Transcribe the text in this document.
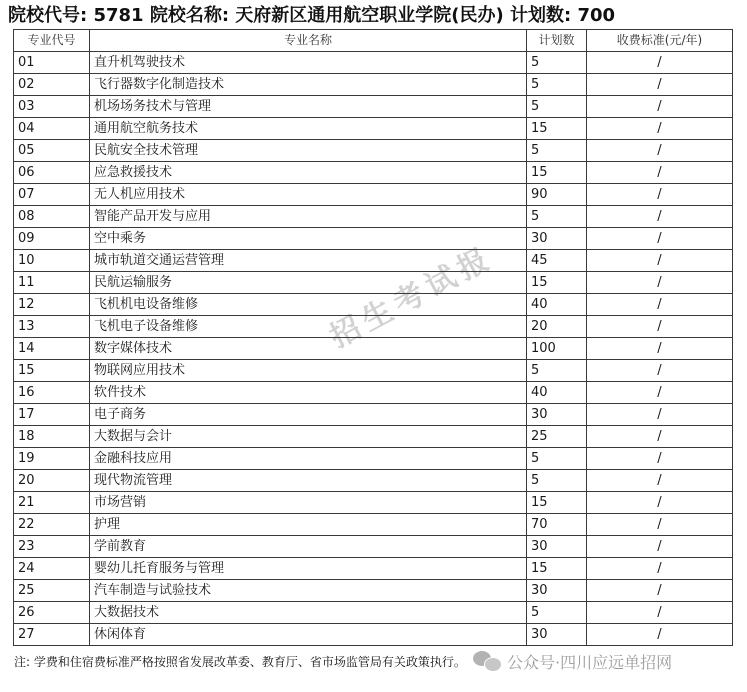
院校代号: 5781 院校名称: 天府新区通用航空职业学院(民办) 计划数: 700
专业代号	专业名称	计划数	收费标准(元/年)
01	直升机驾驶技术	5	/
02	飞行器数字化制造技术	5	/
03	机场场务技术与管理	5	/
04	通用航空航务技术	15	/
05	民航安全技术管理	5	/
06	应急救援技术	15	/
07	无人机应用技术	90	/
08	智能产品开发与应用	5	/
09	空中乘务	30	/
10	城市轨道交通运营管理	45	/
11	民航运输服务	15	/
12	飞机机电设备维修	40	/
13	飞机电子设备维修	20	/
14	数字媒体技术	100	/
15	物联网应用技术	5	/
16	软件技术	40	/
17	电子商务	30	/
18	大数据与会计	25	/
19	金融科技应用	5	/
20	现代物流管理	5	/
21	市场营销	15	/
22	护理	70	/
23	学前教育	30	/
24	婴幼儿托育服务与管理	15	/
25	汽车制造与试验技术	30	/
26	大数据技术	5	/
27	休闲体育	30	/
招生考试报
注: 学费和住宿费标准严格按照省发展改革委、教育厅、省市场监管局有关政策执行。	公众号·四川应远单招网
